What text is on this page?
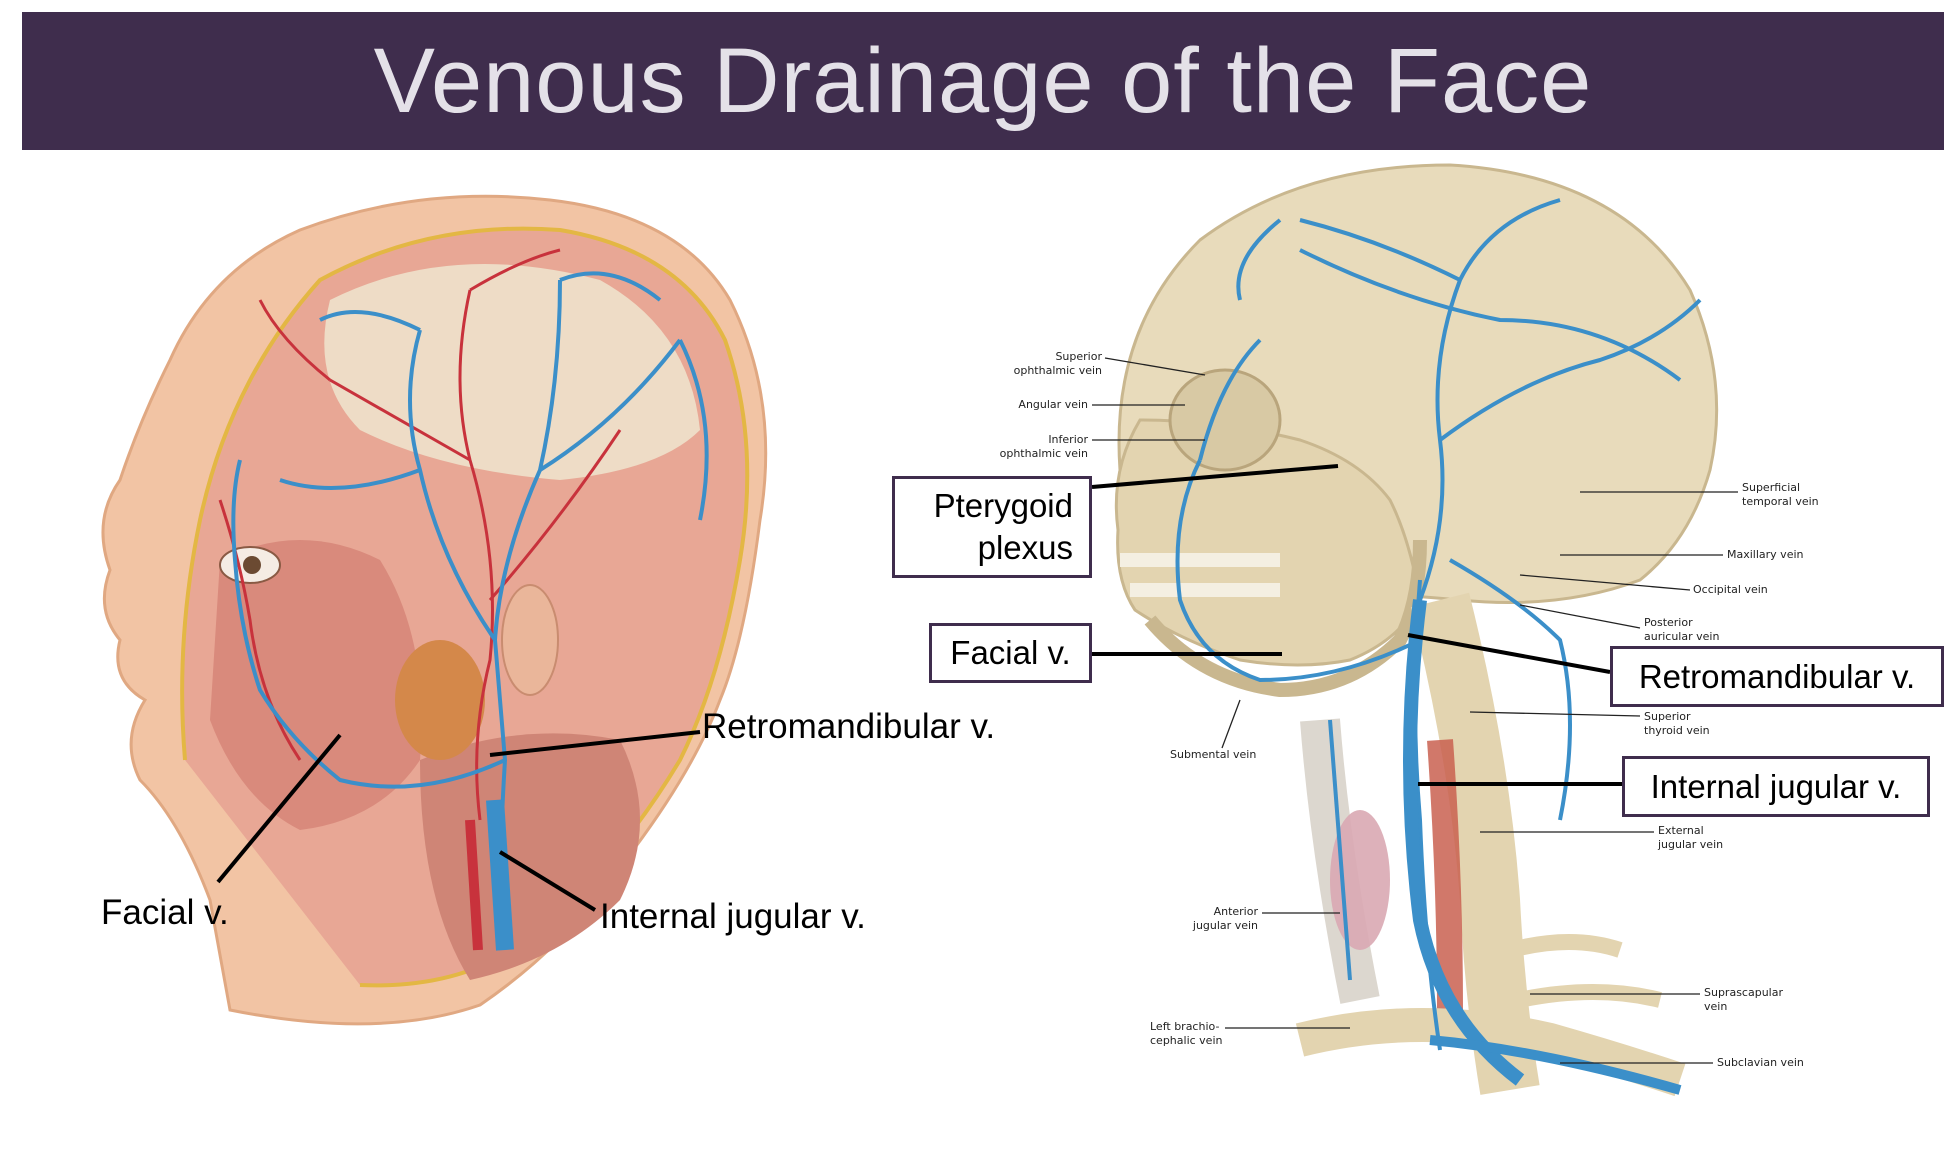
Venous Drainage of the Face
Retromandibular v.
Facial v.	Internal jugular v.
Pterygoid
plexus
Facial v.
Retromandibular v.
Internal jugular v.
Superior
ophthalmic vein
Angular vein
Inferior
ophthalmic vein
Superficial
temporal vein
Maxillary vein
Occipital vein
Posterior
auricular vein
Superior
thyroid vein
Submental vein
External
jugular vein
Anterior
jugular vein
Suprascapular
vein
Left brachio-
cephalic vein
Subclavian vein
